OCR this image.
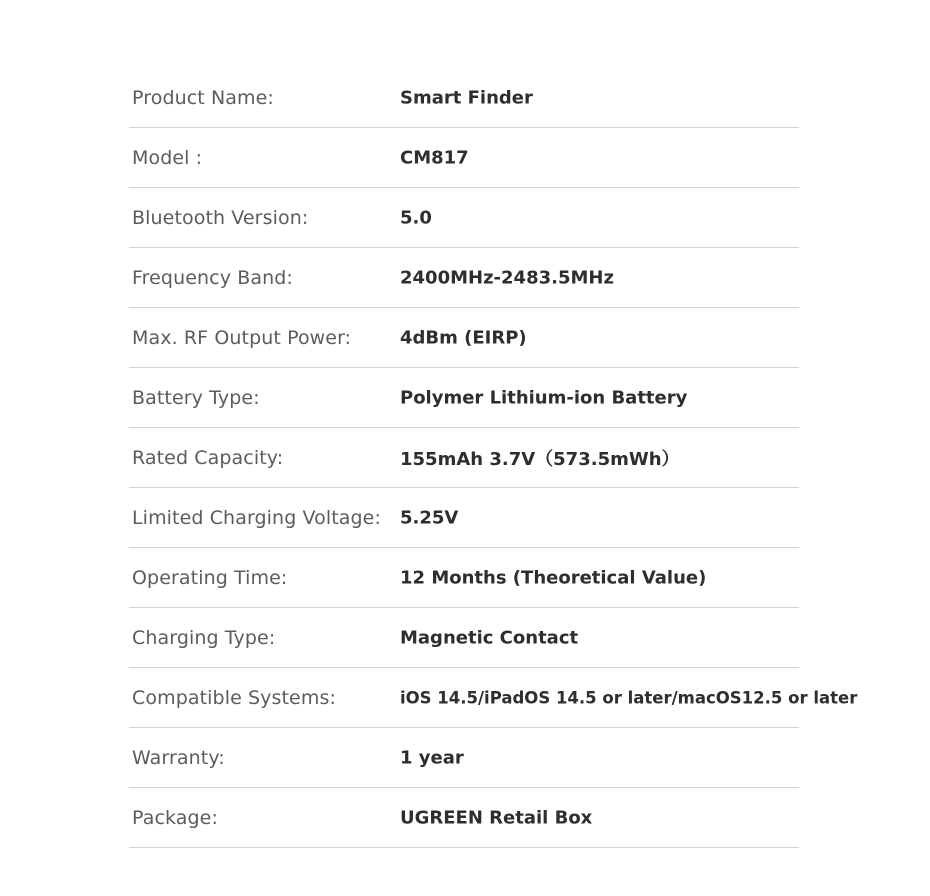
Product Name:	Smart Finder
Model :	CM817
Bluetooth Version:	5.0
Frequency Band:	2400MHz-2483.5MHz
Max. RF Output Power:	4dBm (EIRP)
Battery Type:	Polymer Lithium-ion Battery
Rated Capacity:	155mAh 3.7V（573.5mWh）
Limited Charging Voltage: 5.25V
Operating Time:	12 Months (Theoretical Value)
Charging Type:	Magnetic Contact
Compatible Systems:	iOS 14.5/iPadOS 14.5 or later/macOS12.5 or later
Warranty:	1 year
Package:	UGREEN Retail Box
